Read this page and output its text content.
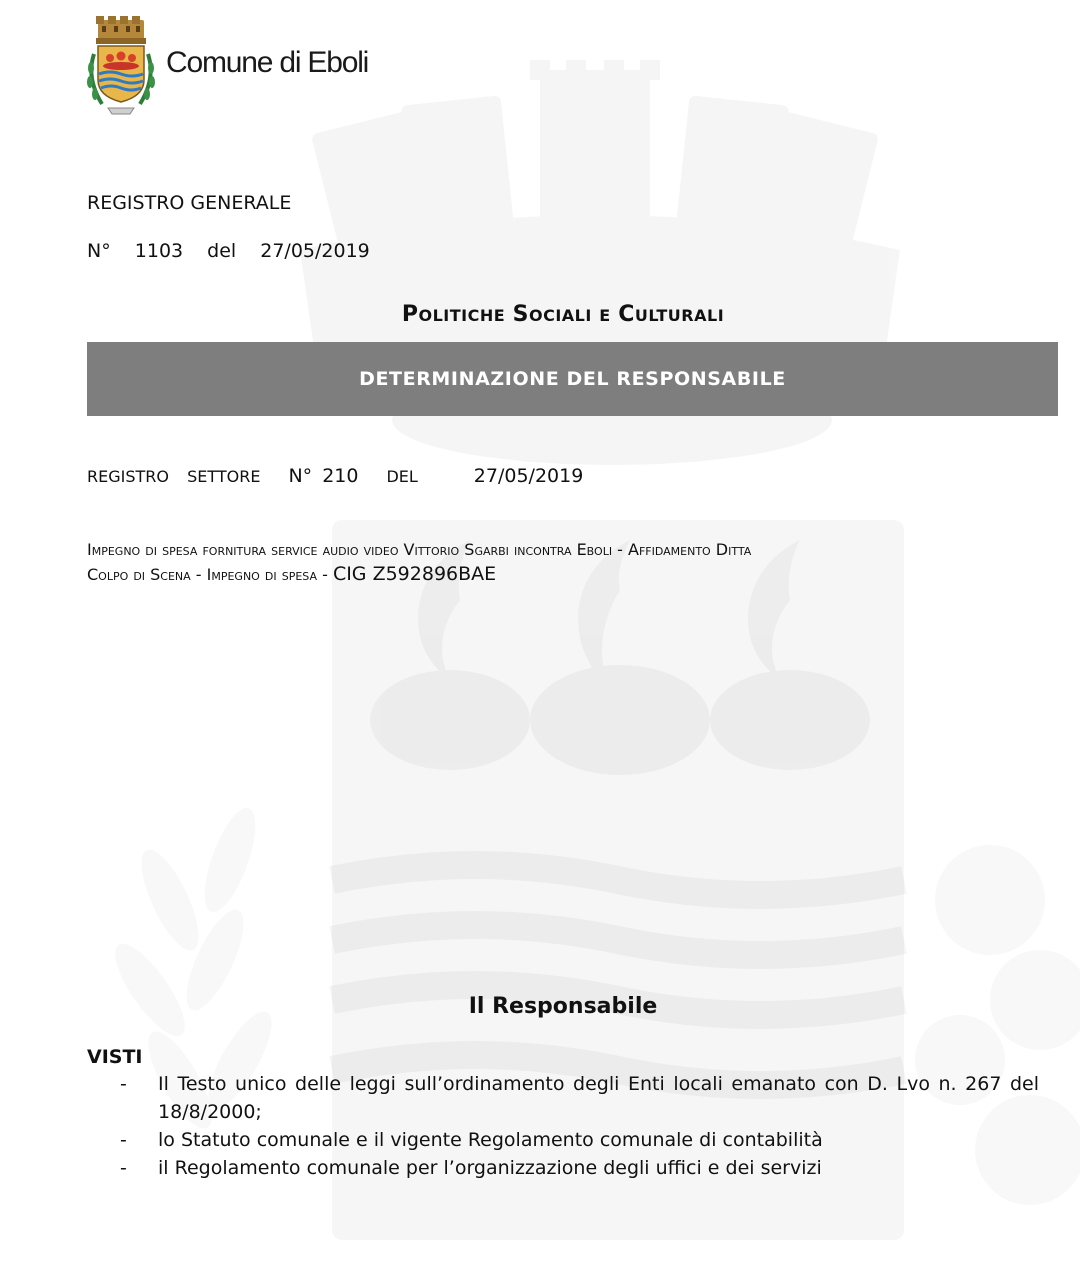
Comune di Eboli
REGISTRO GENERALE
N° 1103 del 27/05/2019
POLITICHE SOCIALI E CULTURALI
DETERMINAZIONE DEL RESPONSABILE
REGISTRO SETTORE N° 210 DEL	27/05/2019
Impegno di spesa fornitura service audio video Vittorio Sgarbi incontra Eboli - Affidamento Ditta
Colpo di Scena - Impegno di spesa - CIG Z592896BAE
Il Responsabile
VISTI
- Il Testo unico delle leggi sull’ordinamento degli Enti locali emanato con D. Lvo n. 267 del 18/8/2000;
- lo Statuto comunale e il vigente Regolamento comunale di contabilità
- il Regolamento comunale per l’organizzazione degli uffici e dei servizi
